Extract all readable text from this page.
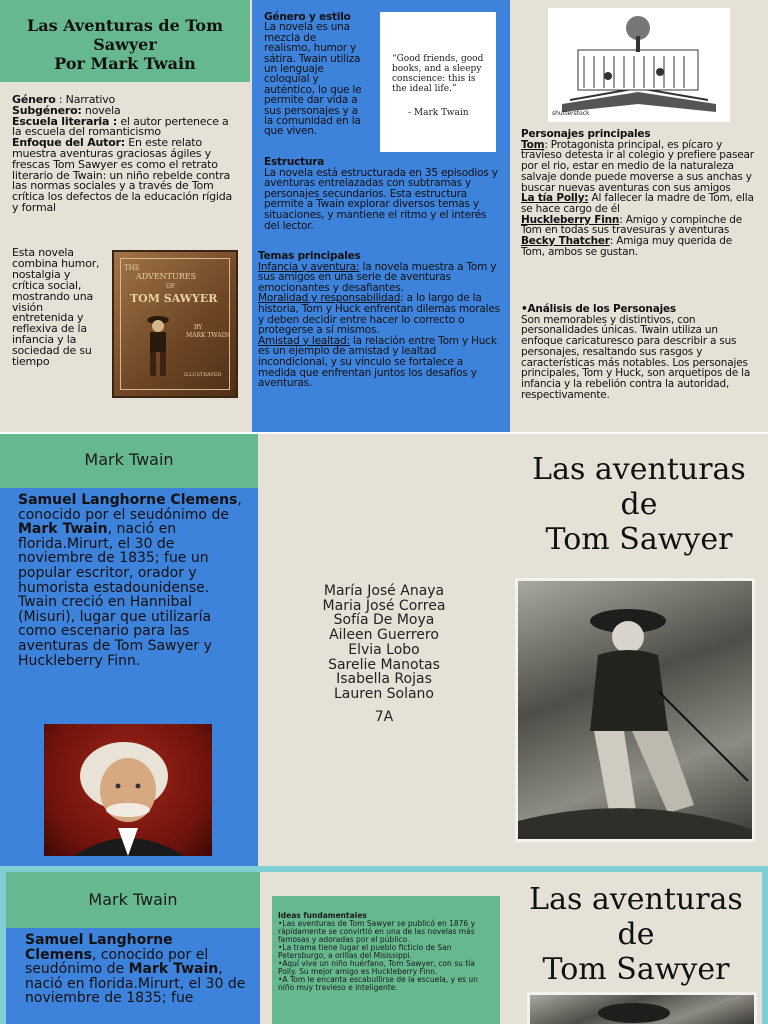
Las Aventuras de Tom
Sawyer
Por Mark Twain
Género : Narrativo
Subgénero: novela
Escuela literaria : el autor pertenece a la escuela del romanticismo
Enfoque del Autor: En este relato muestra aventuras graciosas ágiles y frescas Tom Sawyer es como el retrato literario de Twain: un niño rebelde contra las normas sociales y a través de Tom crítica los defectos de la educación rígida y formal
Esta novela combina humor, nostalgia y crítica social, mostrando una visión entretenida y reflexiva de la infancia y la sociedad de su tiempo
THE
ADVENTURES
OF
TOM SAWYER
BY
MARK TWAIN
ILLUSTRATED
Género y estilo
La novela es una mezcla de realismo, humor y sátira. Twain utiliza un lenguaje coloquial y auténtico, lo que le permite dar vida a sus personajes y a la comunidad en la que viven.
“Good friends, good books, and a sleepy conscience: this is the ideal life.”
- Mark Twain
Estructura
La novela está estructurada en 35 episodios y aventuras entrelazadas con subtramas y personajes secundarios. Esta estructura permite a Twain explorar diversos temas y situaciones, y mantiene el ritmo y el interés del lector.
Temas principales
Infancia y aventura: la novela muestra a Tom y sus amigos en una serie de aventuras emocionantes y desafiantes.
Moralidad y responsabilidad: a lo largo de la historia, Tom y Huck enfrentan dilemas morales y deben decidir entre hacer lo correcto o protegerse a sí mismos.
Amistad y lealtad: la relación entre Tom y Huck es un ejemplo de amistad y lealtad incondicional, y su vínculo se fortalece a medida que enfrentan juntos los desafíos y aventuras.
shutterstock
Personajes principales
Tom: Protagonista principal, es pícaro y travieso detesta ir al colegio y prefiere pasear por el rio, estar en medio de la naturaleza salvaje donde puede moverse a sus anchas y buscar nuevas aventuras con sus amigos
La tía Polly: Al fallecer la madre de Tom, ella se hace cargo de él
Huckleberry Finn: Amigo y compinche de Tom en todas sus travesuras y aventuras
Becky Thatcher: Amiga muy querida de Tom, ambos se gustan.
•Análisis de los Personajes
Son memorables y distintivos, con personalidades únicas. Twain utiliza un enfoque caricaturesco para describir a sus personajes, resaltando sus rasgos y características más notables. Los personajes principales, Tom y Huck, son arquetipos de la infancia y la rebelión contra la autoridad, respectivamente.
Mark Twain
Samuel Langhorne Clemens, conocido por el seudónimo de Mark Twain, nació en florida.Mirurt, el 30 de noviembre de 1835; fue un popular escritor, orador y humorista estadounidense. Twain creció en Hannibal (Misuri), lugar que utilizaría como escenario para las aventuras de Tom Sawyer y Huckleberry Finn.
María José Anaya
Maria José Correa
Sofía De Moya
Aileen Guerrero
Elvia Lobo
Sarelie Manotas
Isabella Rojas
Lauren Solano
7A
Las aventuras
de
Tom Sawyer
Mark Twain
Samuel Langhorne Clemens, conocido por el seudónimo de Mark Twain, nació en florida.Mirurt, el 30 de noviembre de 1835; fue
Ideas fundamentales
•Las aventuras de Tom Sawyer se publicó en 1876 y rápidamente se convirtió en una de las novelas más famosas y adoradas por el público.
•La trama tiene lugar el pueblo ficticio de San Petersburgo, a orillas del Misissippi.
•Aquí vive un niño huérfano, Tom Sawyer, con su tía Polly. Su mejor amigo es Huckleberry Finn.
•A Tom le encanta escabullirse de la escuela, y es un niño muy travieso e inteligente.
Las aventuras
de
Tom Sawyer
